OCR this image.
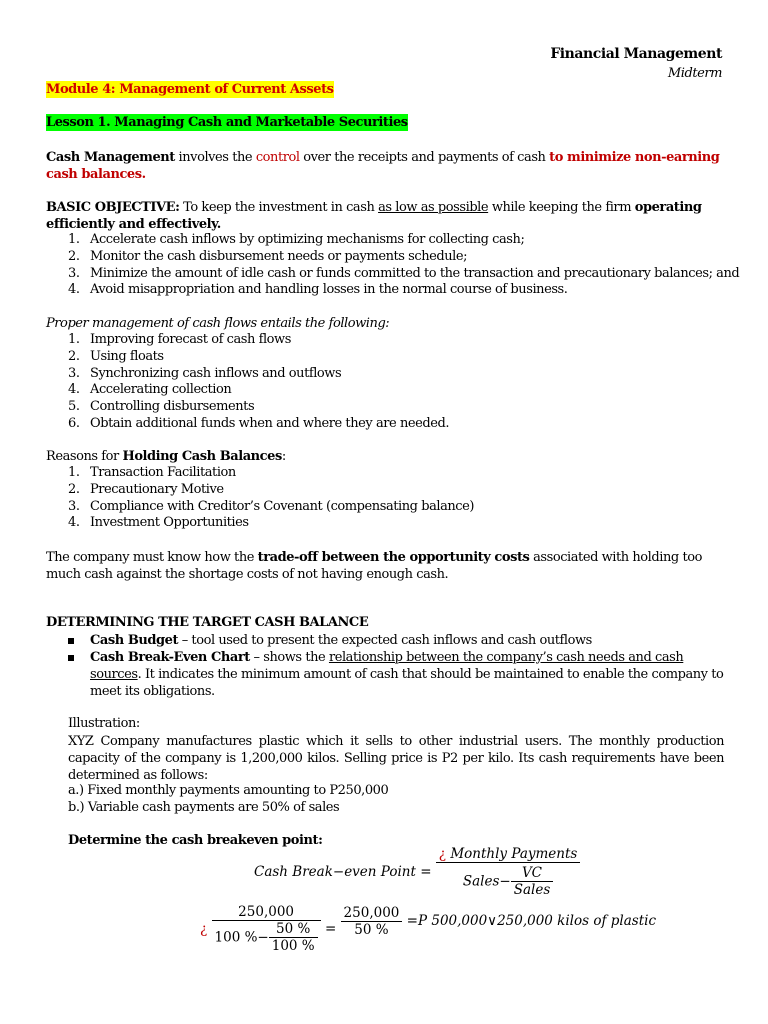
Financial Management
Midterm
Module 4: Management of Current Assets
Lesson 1. Managing Cash and Marketable Securities
Cash Management involves the control over the receipts and payments of cash to minimize non-earning cash balances.
BASIC OBJECTIVE: To keep the investment in cash as low as possible while keeping the firm operating efficiently and effectively.
1. Accelerate cash inflows by optimizing mechanisms for collecting cash;
2. Monitor the cash disbursement needs or payments schedule;
3. Minimize the amount of idle cash or funds committed to the transaction and precautionary balances; and
4. Avoid misappropriation and handling losses in the normal course of business.
Proper management of cash flows entails the following:
1. Improving forecast of cash flows
2. Using floats
3. Synchronizing cash inflows and outflows
4. Accelerating collection
5. Controlling disbursements
6. Obtain additional funds when and where they are needed.
Reasons for Holding Cash Balances:
1. Transaction Facilitation
2. Precautionary Motive
3. Compliance with Creditor’s Covenant (compensating balance)
4. Investment Opportunities
The company must know how the trade-off between the opportunity costs associated with holding too much cash against the shortage costs of not having enough cash.
DETERMINING THE TARGET CASH BALANCE
Cash Budget – tool used to present the expected cash inflows and cash outflows
Cash Break-Even Chart – shows the relationship between the company’s cash needs and cash sources. It indicates the minimum amount of cash that should be maintained to enable the company to meet its obligations.
Illustration:
XYZ Company manufactures plastic which it sells to other industrial users. The monthly production capacity of the company is 1,200,000 kilos. Selling price is P2 per kilo. Its cash requirements have been determined as follows:
a.) Fixed monthly payments amounting to P250,000
b.) Variable cash payments are 50% of sales
Determine the cash breakeven point:
Cash Break−even Point = $\frac{\text{¿ Monthly Payments}}{Sales- \frac{VC}{\text{Sales}}}$
¿ $\frac{250,000}{100 \%- \frac{50 \%}{100 \%}} = \frac{250,000}{50 \%} =P$ 500,000∨250,000 kilos of plastic
